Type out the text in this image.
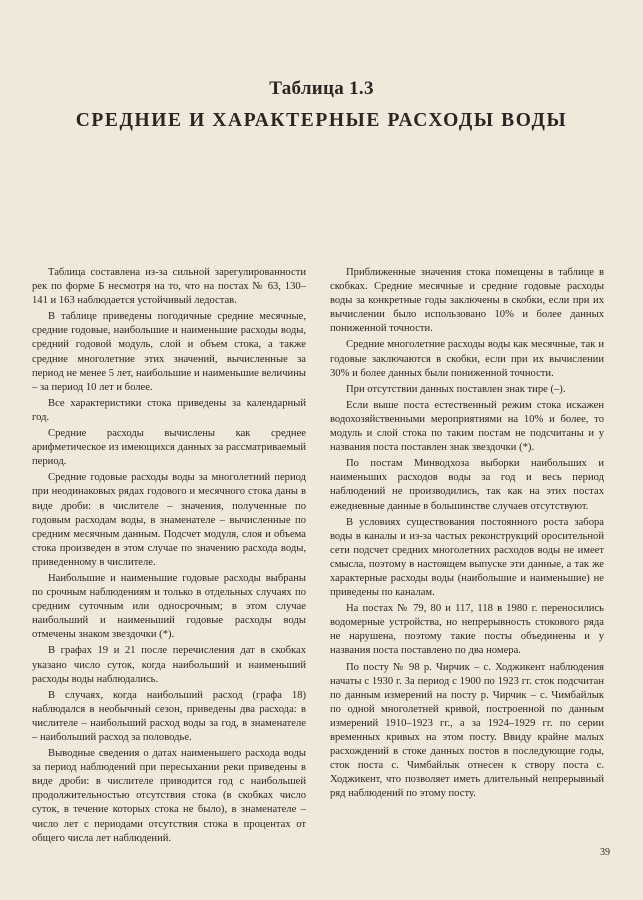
Таблица 1.3
СРЕДНИЕ И ХАРАКТЕРНЫЕ РАСХОДЫ ВОДЫ

Таблица составлена из-за сильной зарегулированности рек по форме Б несмотря на то, что на постах № 63, 130–141 и 163 наблюдается устойчивый ледостав.

В таблице приведены погодичные средние месячные, средние годовые, наибольшие и наименьшие расходы воды, средний годовой модуль, слой и объем стока, а также средние многолетние этих значений, вычисленные за период не менее 5 лет, наибольшие и наименьшие величины – за период 10 лет и более.

Все характеристики стока приведены за календарный год.

Средние расходы вычислены как среднее арифметическое из имеющихся данных за рассматриваемый период.

Средние годовые расходы воды за многолетний период при неодинаковых рядах годового и месячного стока даны в виде дроби: в числителе – значения, полученные по годовым расходам воды, в знаменателе – вычисленные по средним месячным данным. Подсчет модуля, слоя и объема стока произведен в этом случае по значению расхода воды, приведенному в числителе.

Наибольшие и наименьшие годовые расходы выбраны по срочным наблюдениям и только в отдельных случаях по средним суточным или односрочным; в этом случае наибольший и наименьший годовые расходы воды отмечены знаком звездочки (*).

В графах 19 и 21 после перечисления дат в скобках указано число суток, когда наибольший и наименьший расходы воды наблюдались.

В случаях, когда наибольший расход (графа 18) наблюдался в необычный сезон, приведены два расхода: в числителе – наибольший расход воды за год, в знаменателе – наибольший расход за половодье.

Выводные сведения о датах наименьшего расхода воды за период наблюдений при пересыхании реки приведены в виде дроби: в числителе приводится год с наибольшей продолжительностью отсутствия стока (в скобках число суток, в течение которых стока не было), в знаменателе – число лет с периодами отсутствия стока в процентах от общего числа лет наблюдений.

Приближенные значения стока помещены в таблице в скобках. Средние месячные и средние годовые расходы воды за конкретные годы заключены в скобки, если при их вычислении было использовано 10% и более данных пониженной точности.

Средние многолетние расходы воды как месячные, так и годовые заключаются в скобки, если при их вычислении 30% и более данных были пониженной точности.

При отсутствии данных поставлен знак тире (–).

Если выше поста естественный режим стока искажен водохозяйственными мероприятиями на 10% и более, то модуль и слой стока по таким постам не подсчитаны и у названия поста поставлен знак звездочки (*).

По постам Минводхоза выборки наибольших и наименьших расходов воды за год и весь период наблюдений не производились, так как на этих постах ежедневные данные в большинстве случаев отсутствуют.

В условиях существования постоянного роста забора воды в каналы и из-за частых реконструкций оросительной сети подсчет средних многолетних расходов воды не имеет смысла, поэтому в настоящем выпуске эти данные, а так же характерные расходы воды (наибольшие и наименьшие) не приведены по каналам.

На постах № 79, 80 и 117, 118 в 1980 г. переносились водомерные устройства, но непрерывность стокового ряда не нарушена, поэтому такие посты объединены и у названия поста поставлено по два номера.

По посту № 98 р. Чирчик – с. Ходжикент наблюдения начаты с 1930 г. За период с 1900 по 1923 гг. сток подсчитан по данным измерений на посту р. Чирчик – с. Чимбайлык по одной многолетней кривой, построенной по данным измерений 1910–1923 гг., а за 1924–1929 гг. по серии временных кривых на этом посту. Ввиду крайне малых расхождений в стоке данных постов в последующие годы, сток поста с. Чимбайлык отнесен к створу поста с. Ходжикент, что позволяет иметь длительный непрерывный ряд наблюдений по этому посту.

39
